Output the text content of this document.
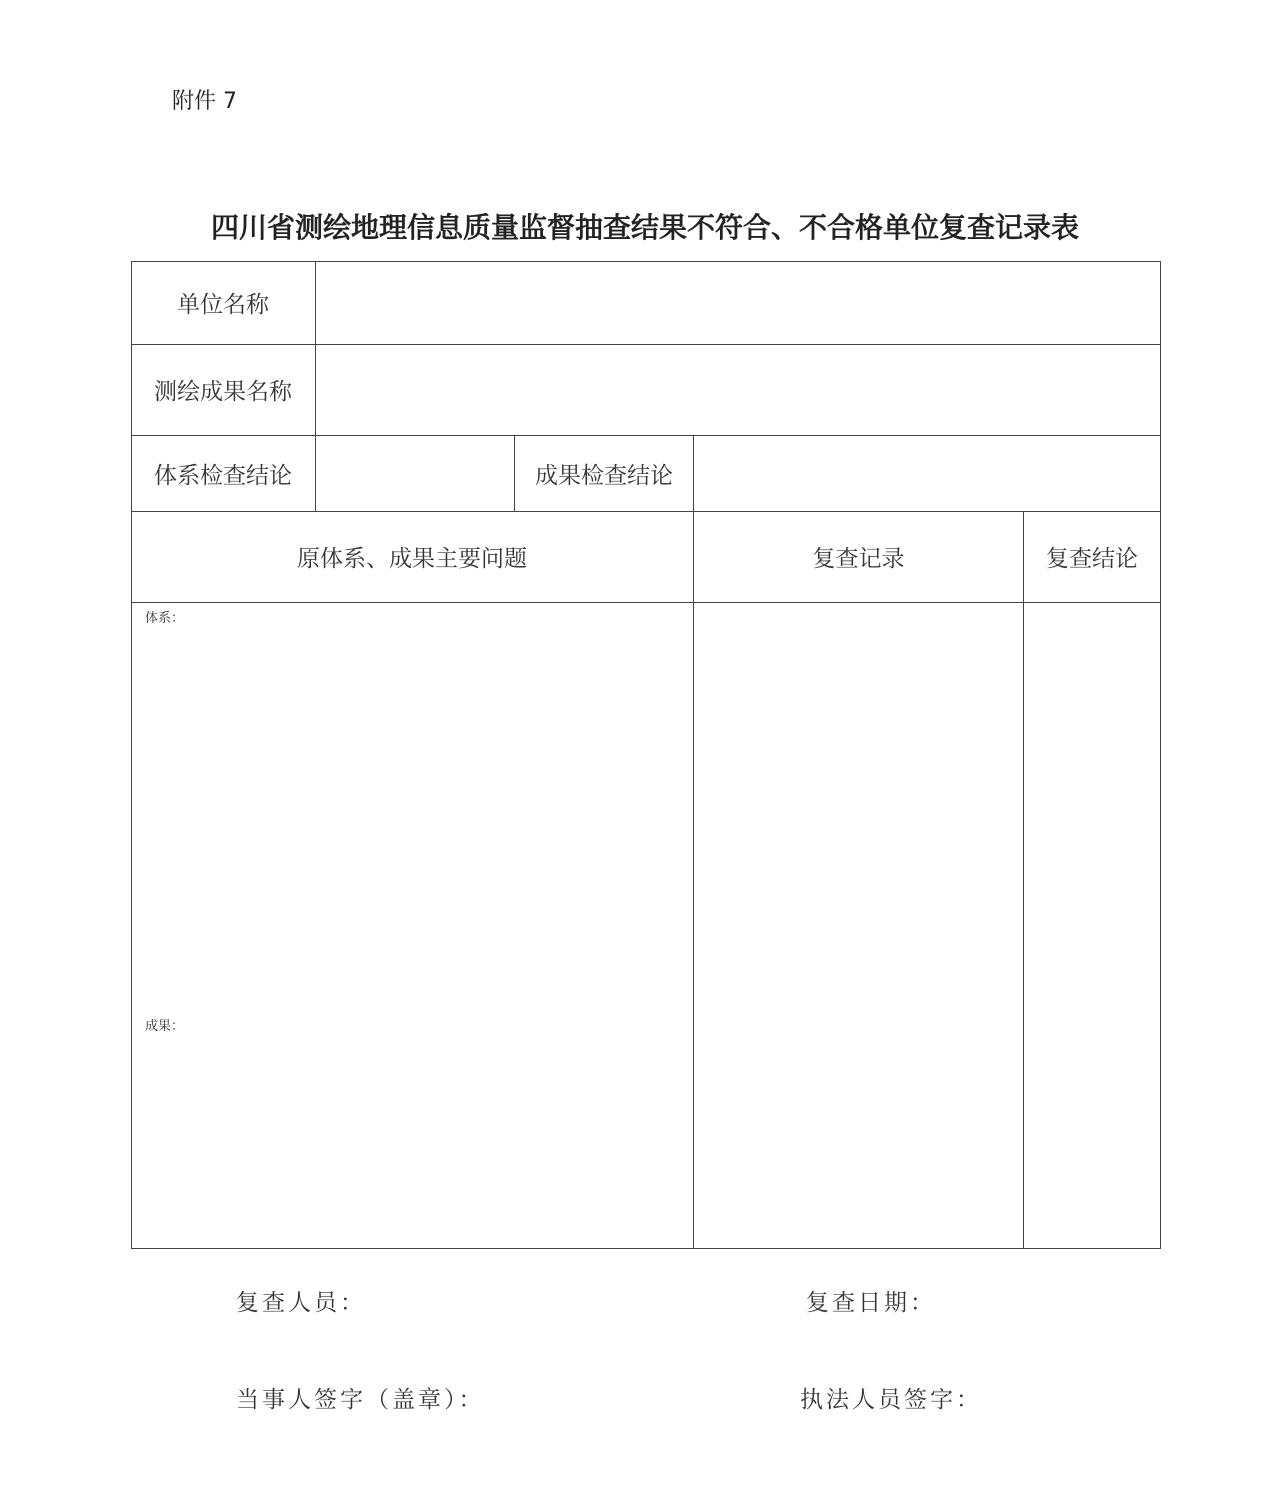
附件 7
四川省测绘地理信息质量监督抽查结果不符合、不合格单位复查记录表
单位名称
测绘成果名称
体系检查结论	成果检查结论
原体系、成果主要问题	复查记录	复查结论
体系：
成果：
复查人员：	复查日期：
当事人签字（盖章）：	执法人员签字：
